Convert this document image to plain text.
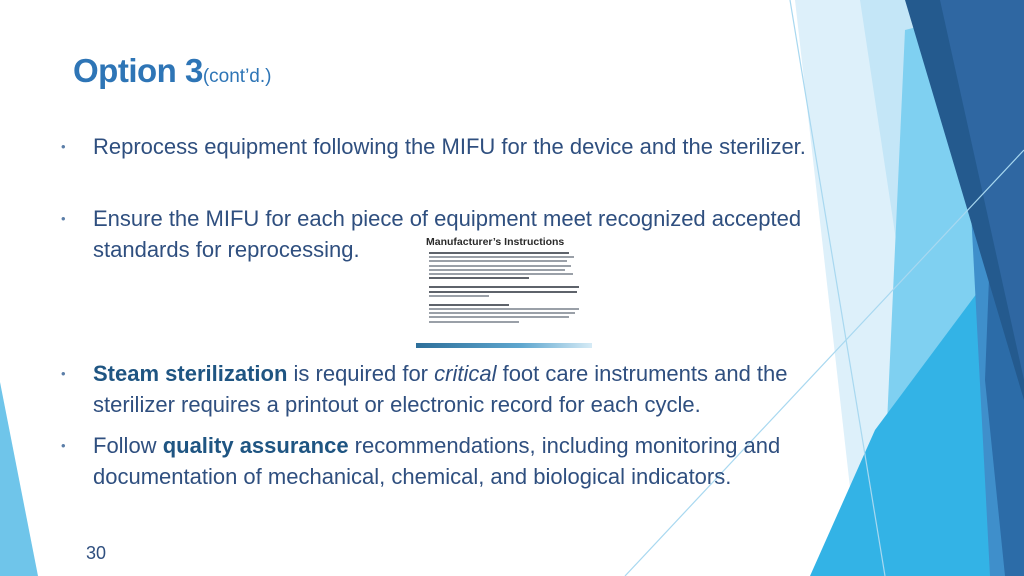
Option 3(cont’d.)
• Reprocess equipment following the MIFU for the device and the sterilizer.
• Ensure the MIFU for each piece of equipment meet recognized accepted standards for reprocessing.	Manufacturer’s Instructions
• Steam sterilization is required for critical foot care instruments and the sterilizer requires a printout or electronic record for each cycle.
• Follow quality assurance recommendations, including monitoring and documentation of mechanical, chemical, and biological indicators.
30
